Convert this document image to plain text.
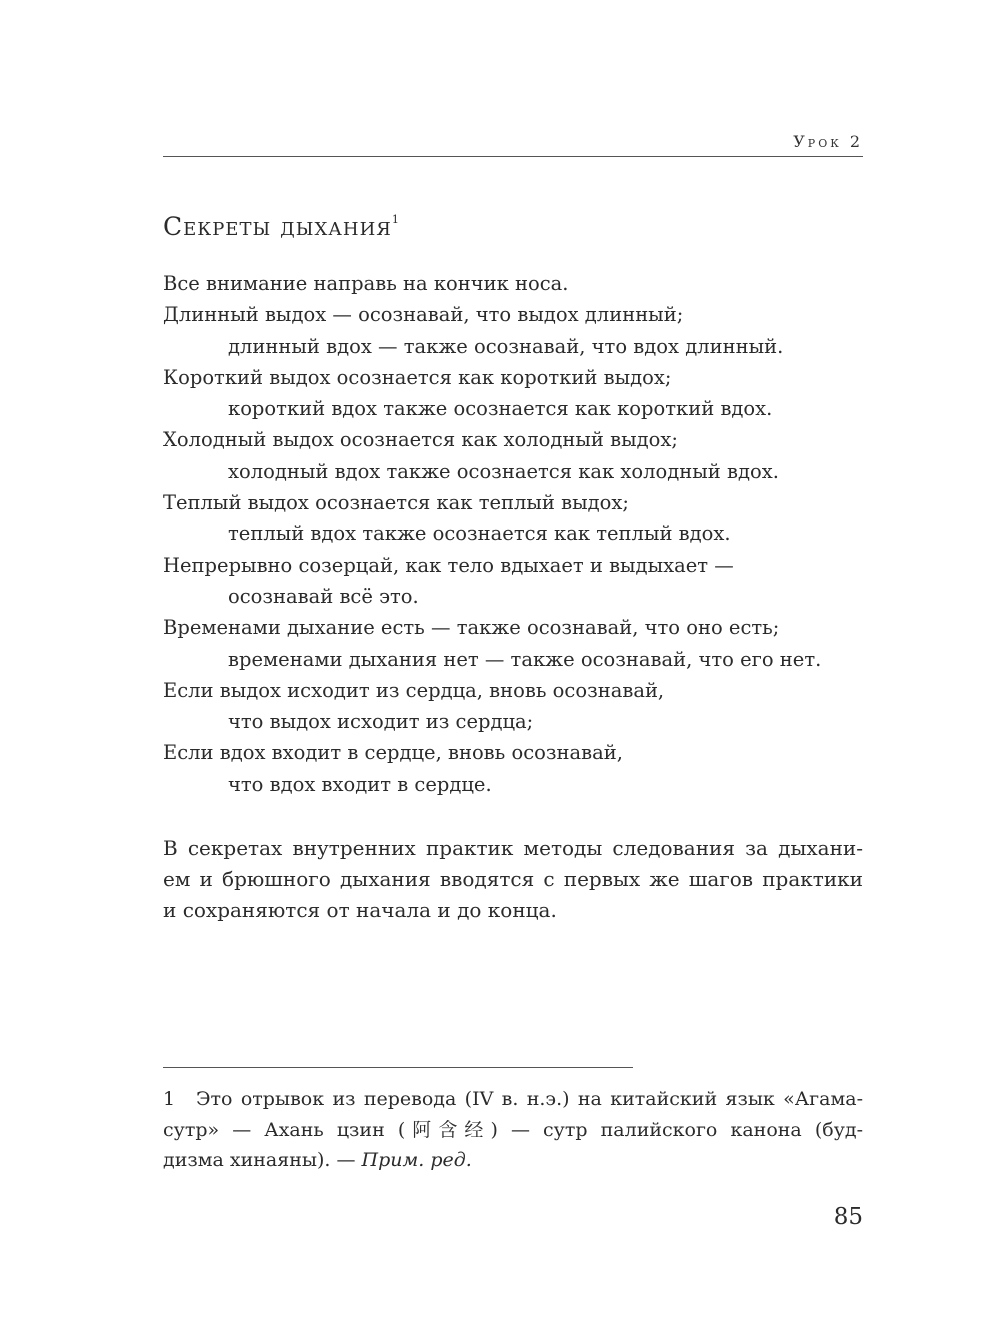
Урок 2
Секреты дыхания$^1$
Все внимание направь на кончик носа.
Длинный выдох — осознавай, что выдох длинный;
длинный вдох — также осознавай, что вдох длинный.
Короткий выдох осознается как короткий выдох;
короткий вдох также осознается как короткий вдох.
Холодный выдох осознается как холодный выдох;
холодный вдох также осознается как холодный вдох.
Теплый выдох осознается как теплый выдох;
теплый вдох также осознается как теплый вдох.
Непрерывно созерцай, как тело вдыхает и выдыхает —
осознавай всё это.
Временами дыхание есть — также осознавай, что оно есть;
временами дыхания нет — также осознавай, что его нет.
Если выдох исходит из сердца, вновь осознавай,
что выдох исходит из сердца;
Если вдох входит в сердце, вновь осознавай,
что вдох входит в сердце.
В секретах внутренних практик методы следования за дыхани-
ем и брюшного дыхания вводятся с первых же шагов практики
и сохраняются от начала и до конца.
1	Это отрывок из перевода (IV в. н.э.) на китайский язык «Агама-
сутр» — Ахань цзин (阿含经) — сутр палийского канона (буд-
дизма хинаяны). — Прим. ред.
85
